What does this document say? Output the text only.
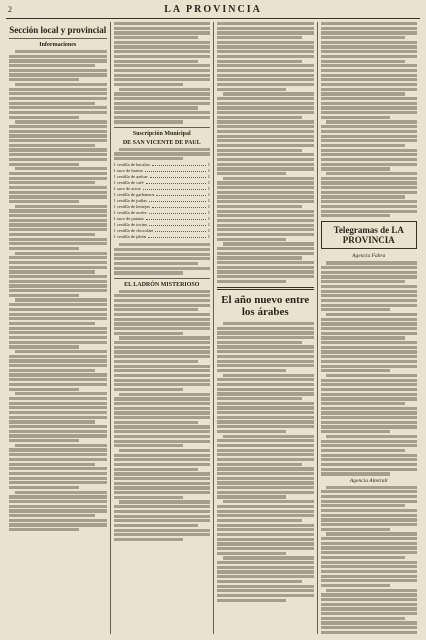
2	LA PROVINCIA
Sección local y provincial
Informaciones
Suscripción Municipal
DE SAN VICENTE DE PAUL
1 cestilla de bacalao	1
1 saco de harina	1
1 cestilla de azúcar	1
1 cestilla de café	1
1 saco de arroz	1
1 cestilla de garbanzos	1
1 cestilla de judías	1
1 cestilla de lentejas	1
1 cestilla de aceite	1
1 saco de patatas	1
1 cestilla de tocino	1
1 cestilla de chocolate	1
1 cestilla de jabón	1
EL LADRÓN MISTERIOSO
El año nuevo entre los árabes
Telegramas de LA PROVINCIA
Agencia Fabra
Agencia Almirall
